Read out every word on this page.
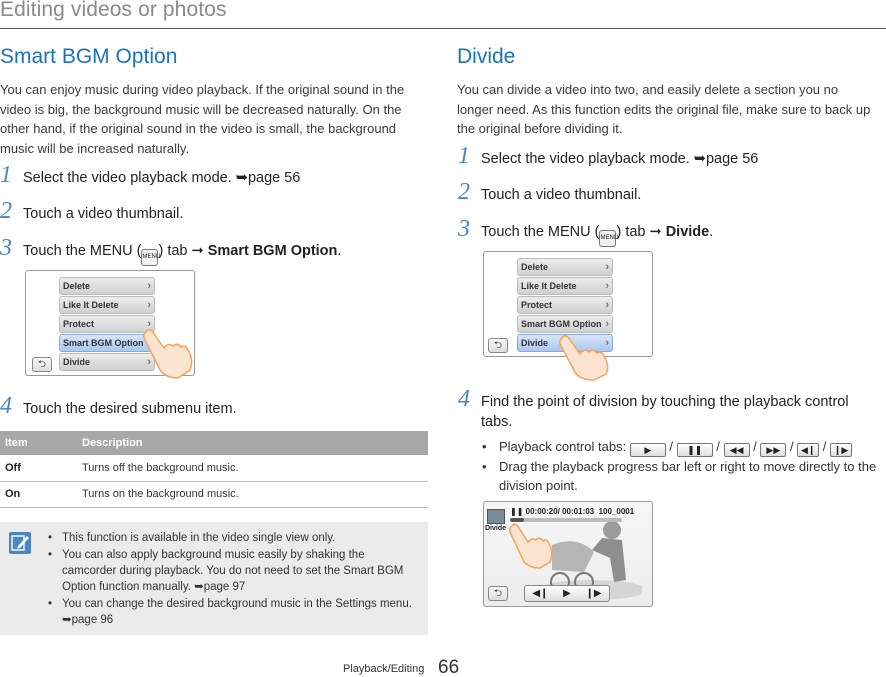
Editing videos or photos
Smart BGM Option

You can enjoy music during video playback. If the original sound in the video is big, the background music will be decreased naturally. On the other hand, if the original sound in the video is small, the background music will be increased naturally.

1 Select the video playback mode. ➥page 56
2 Touch a video thumbnail.
3 Touch the MENU (MENU) tab ➞ Smart BGM Option.
Delete	›
Like It Delete	›
Protect	›
Smart BGM Option
Divide	›
⮌
4 Touch the desired submenu item.
Item	Description
Off	Turns off the background music.
On	Turns on the background music.
• This function is available in the video single view only.
• You can also apply background music easily by shaking the camcorder during playback. You do not need to set the Smart BGM Option function manually. ➥page 97
• You can change the desired background music in the Settings menu. ➥page 96
Divide

You can divide a video into two, and easily delete a section you no longer need. As this function edits the original file, make sure to back up the original before dividing it.

1 Select the video playback mode. ➥page 56
2 Touch a video thumbnail.
3 Touch the MENU (MENU) tab ➞ Divide.
Delete	›
Like It Delete	›
Protect	›
Smart BGM Option ›
Divide	›
⮌
4 Find the point of division by touching the playback control tabs.
• Playback control tabs: ▶ / ❚❚ / ◀◀ / ▶▶ / ◀❙ / ❙▶
• Drag the playback progress bar left or right to move directly to the division point.
❚❚ 00:00:20/ 00:01:03 100_0001
Divide
⮌	◀❙ ▶ ❙▶
Playback/Editing 66
